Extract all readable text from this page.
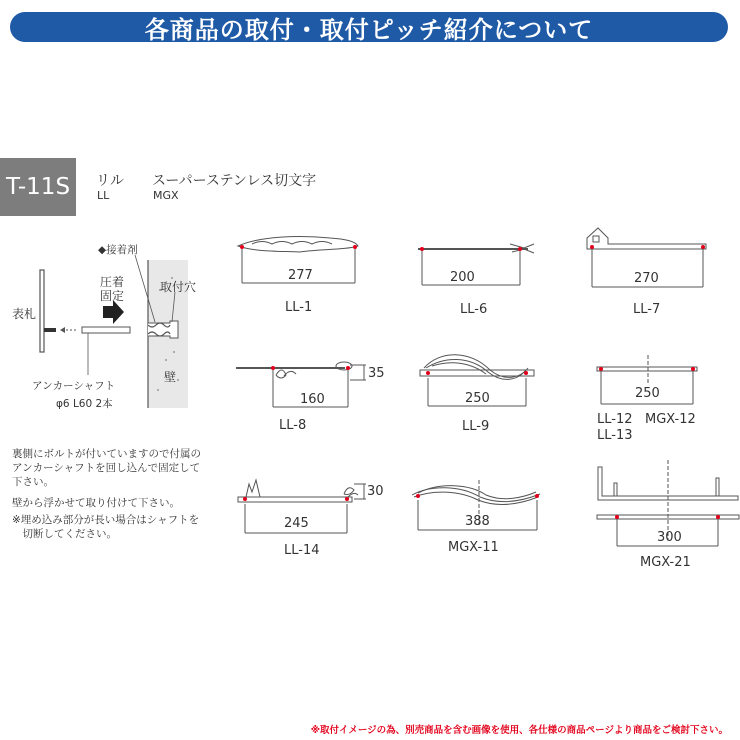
各商品の取付・取付ピッチ紹介について
T-11S リル
LL
スーパーステンレス切文字
MGX
◆接着剤
圧着
固定
取付穴
表札
壁
アンカーシャフト
φ6 L60 2本
裏側にボルトが付いていますので付属の
アンカーシャフトを回し込んで固定して
下さい。
壁から浮かせて取り付けて下さい。
※埋め込み部分が長い場合はシャフトを
　切断してください。
277	200	270
160
35
250	250
245
30
388
300
LL-1	LL-6	LL-7
LL-8	LL-9	LL-12 MGX-12
LL-13
LL-14	MGX-11
MGX-21
※取付イメージの為、別売商品を含む画像を使用、各仕様の商品ページより商品をご検討下さい。
